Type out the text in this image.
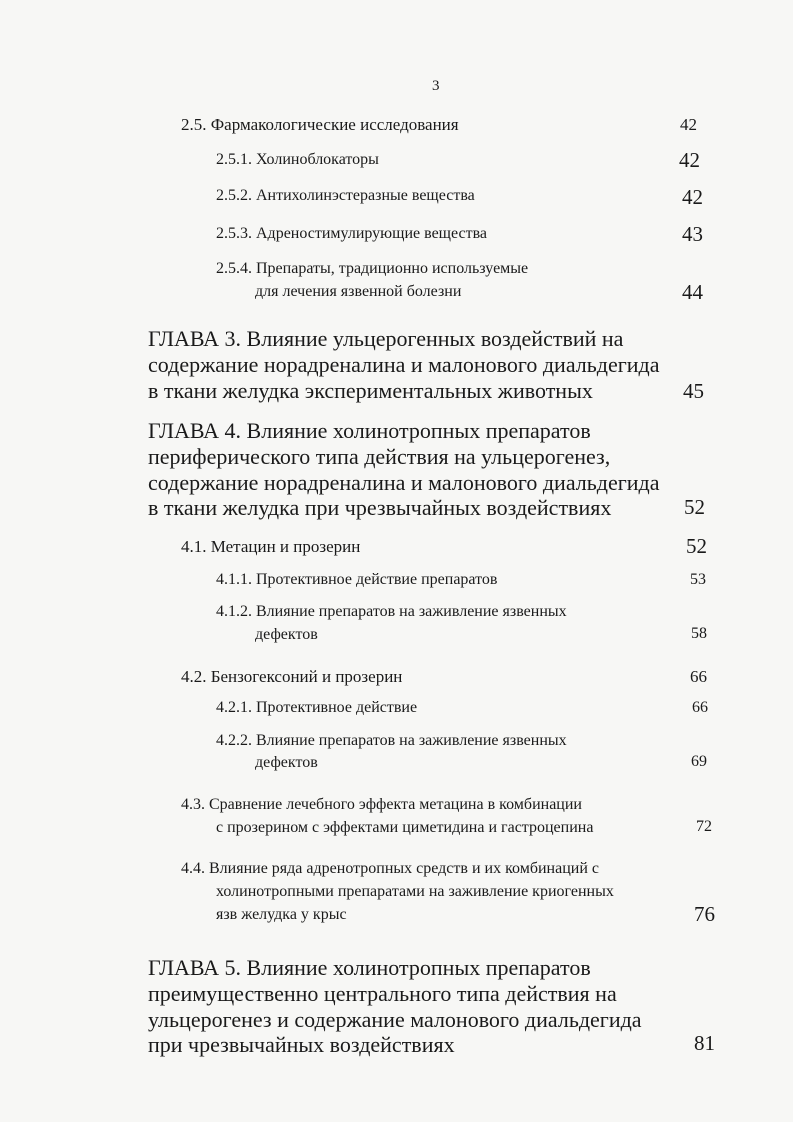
3
2.5. Фармакологические исследования	42
2.5.1. Холиноблокаторы	42
2.5.2. Антихолинэстеразные вещества	42
2.5.3. Адреностимулирующие вещества	43
2.5.4. Препараты, традиционно используемые
для лечения язвенной болезни	44
ГЛАВА 3. Влияние ульцерогенных воздействий на
содержание норадреналина и малонового диальдегида
в ткани желудка экспериментальных животных	45
ГЛАВА 4. Влияние холинотропных препаратов
периферического типа действия на ульцерогенез,
содержание норадреналина и малонового диальдегида
в ткани желудка при чрезвычайных воздействиях	52
4.1. Метацин и прозерин	52
4.1.1. Протективное действие препаратов	53
4.1.2. Влияние препаратов на заживление язвенных
дефектов	58
4.2. Бензогексоний и прозерин	66
4.2.1. Протективное действие	66
4.2.2. Влияние препаратов на заживление язвенных
дефектов	69
4.3. Сравнение лечебного эффекта метацина в комбинации
с прозерином с эффектами циметидина и гастроцепина	72
4.4. Влияние ряда адренотропных средств и их комбинаций с
холинотропными препаратами на заживление криогенных
язв желудка у крыс	76
ГЛАВА 5. Влияние холинотропных препаратов
преимущественно центрального типа действия на
ульцерогенез и содержание малонового диальдегида
при чрезвычайных воздействиях	81
